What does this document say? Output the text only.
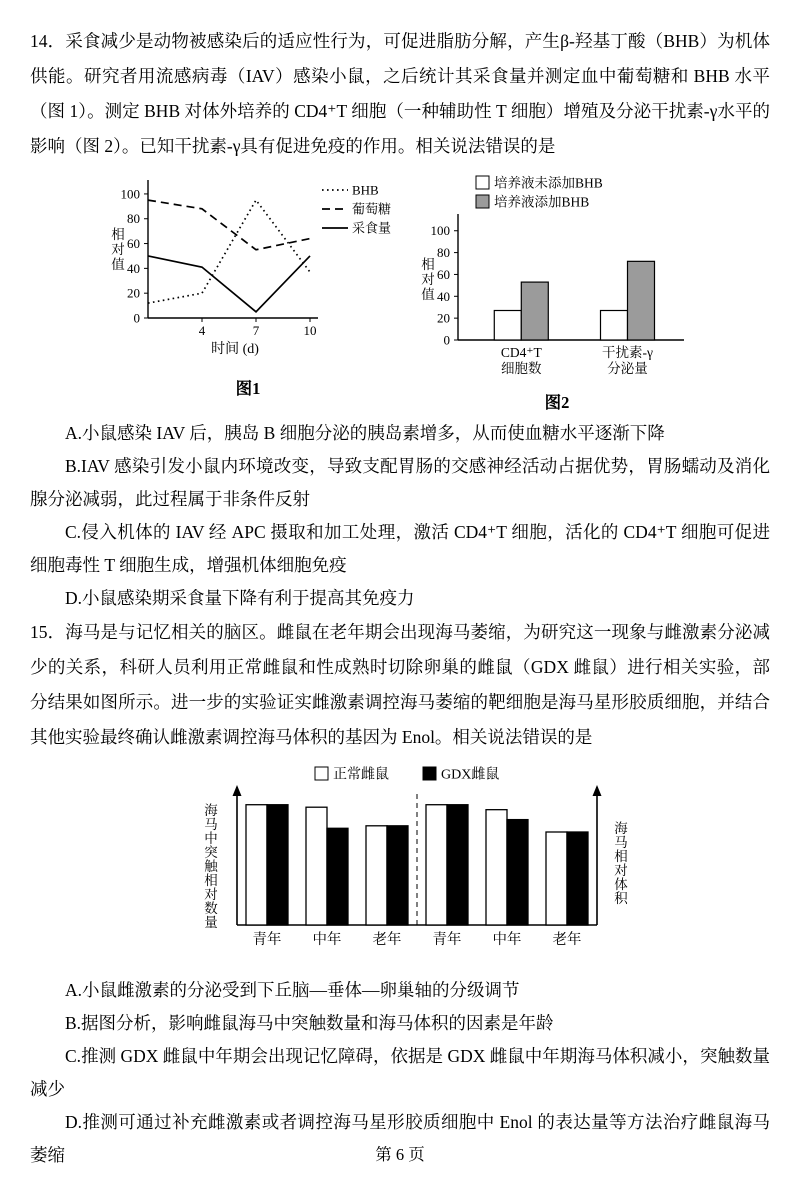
14．采食减少是动物被感染后的适应性行为，可促进脂肪分解，产生β-羟基丁酸（BHB）为机体供能。研究者用流感病毒（IAV）感染小鼠，之后统计其采食量并测定血中葡萄糖和 BHB 水平（图 1）。测定 BHB 对体外培养的 CD4⁺T 细胞（一种辅助性 T 细胞）增殖及分泌干扰素-γ水平的影响（图 2）。已知干扰素-γ具有促进免疫的作用。相关说法错误的是

0
20
40
60
80
100
4	7	10
时间 (d)
相
对
值
BHB
葡萄糖
采食量
图1
培养液未添加BHB
培养液添加BHB
0
20
40
60
80
100
CD4⁺T
细胞数
干扰素-γ
分泌量
相
对
值
图2

A.小鼠感染 IAV 后，胰岛 B 细胞分泌的胰岛素增多，从而使血糖水平逐渐下降

B.IAV 感染引发小鼠内环境改变，导致支配胃肠的交感神经活动占据优势，胃肠蠕动及消化腺分泌减弱，此过程属于非条件反射

C.侵入机体的 IAV 经 APC 摄取和加工处理，激活 CD4⁺T 细胞，活化的 CD4⁺T 细胞可促进细胞毒性 T 细胞生成，增强机体细胞免疫

D.小鼠感染期采食量下降有利于提高其免疫力

15．海马是与记忆相关的脑区。雌鼠在老年期会出现海马萎缩，为研究这一现象与雌激素分泌减少的关系，科研人员利用正常雌鼠和性成熟时切除卵巢的雌鼠（GDX 雌鼠）进行相关实验，部分结果如图所示。进一步的实验证实雌激素调控海马萎缩的靶细胞是海马星形胶质细胞，并结合其他实验最终确认雌激素调控海马体积的基因为 Enol。相关说法错误的是

正常雌鼠	GDX雌鼠
青年 中年 老年
海
马
中
突
触
相
对
数
量
青年 中年 老年
海
马
相
对
体
积

A.小鼠雌激素的分泌受到下丘脑—垂体—卵巢轴的分级调节

B.据图分析，影响雌鼠海马中突触数量和海马体积的因素是年龄

C.推测 GDX 雌鼠中年期会出现记忆障碍，依据是 GDX 雌鼠中年期海马体积减小，突触数量减少

D.推测可通过补充雌激素或者调控海马星形胶质细胞中 Enol 的表达量等方法治疗雌鼠海马萎缩	第 6 页
